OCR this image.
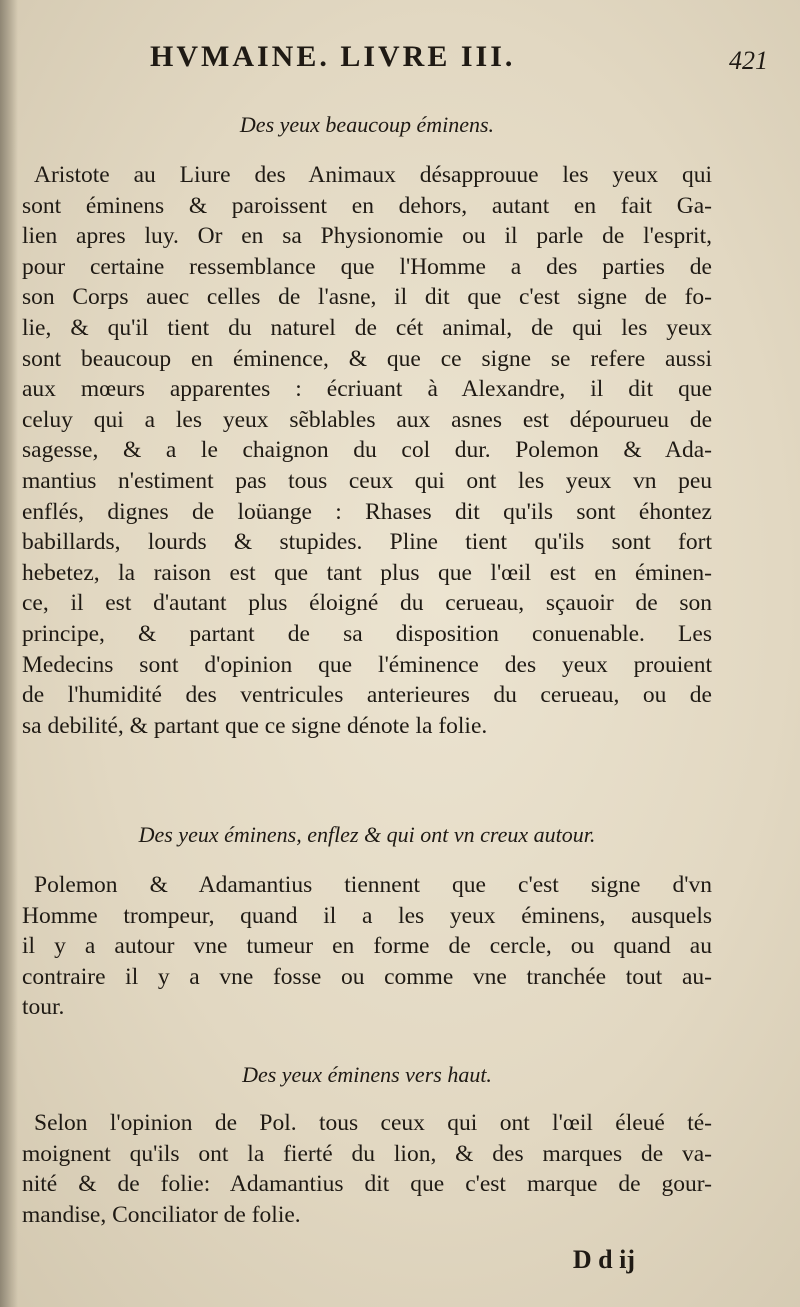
HVMAINE. LIVRE III.	421

Des yeux beaucoup éminens.

Aristote au Liure des Animaux désapprouue les yeux qui
sont éminens & paroissent en dehors, autant en fait Ga-
lien apres luy. Or en sa Physionomie ou il parle de l'esprit,
pour certaine ressemblance que l'Homme a des parties de
son Corps auec celles de l'asne, il dit que c'est signe de fo-
lie, & qu'il tient du naturel de cét animal, de qui les yeux
sont beaucoup en éminence, & que ce signe se refere aussi
aux mœurs apparentes : écriuant à Alexandre, il dit que
celuy qui a les yeux sẽblables aux asnes est dépourueu de
sagesse, & a le chaignon du col dur. Polemon & Ada-
mantius n'estiment pas tous ceux qui ont les yeux vn peu
enflés, dignes de loüange : Rhases dit qu'ils sont éhontez
babillards, lourds & stupides. Pline tient qu'ils sont fort
hebetez, la raison est que tant plus que l'œil est en éminen-
ce, il est d'autant plus éloigné du cerueau, sçauoir de son
principe, & partant de sa disposition conuenable. Les
Medecins sont d'opinion que l'éminence des yeux prouient
de l'humidité des ventricules anterieures du cerueau, ou de
sa debilité, & partant que ce signe dénote la folie.

Des yeux éminens, enflez & qui ont vn creux autour.

Polemon & Adamantius tiennent que c'est signe d'vn
Homme trompeur, quand il a les yeux éminens, ausquels
il y a autour vne tumeur en forme de cercle, ou quand au
contraire il y a vne fosse ou comme vne tranchée tout au-
tour.

Des yeux éminens vers haut.

Selon l'opinion de Pol. tous ceux qui ont l'œil éleué té-
moignent qu'ils ont la fierté du lion, & des marques de va-
nité & de folie: Adamantius dit que c'est marque de gour-
mandise, Conciliator de folie.
D d ij
